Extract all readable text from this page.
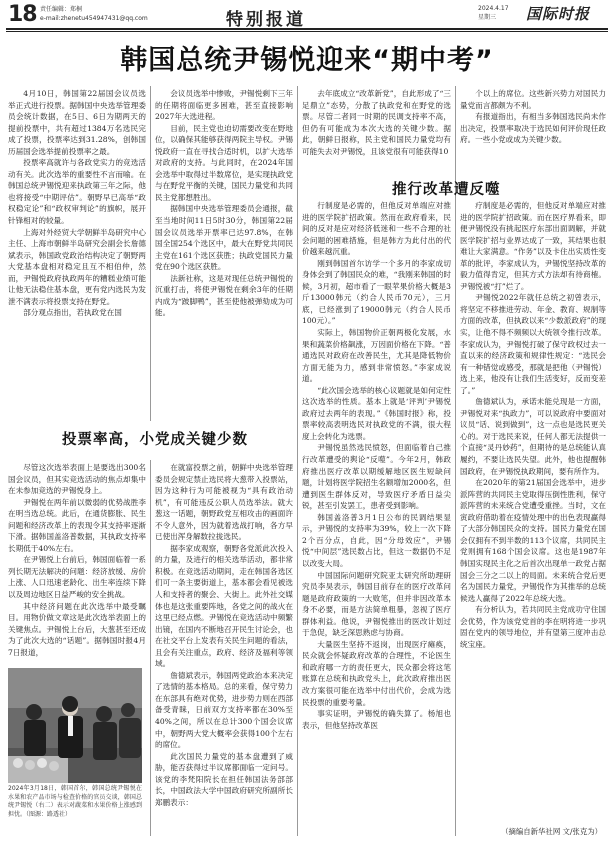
18 责任编辑：郑桐
e-mail:zhenetu454947431@qq.com	特别报道
2024.4.17
星期三	国际时报
韩国总统尹锡悦迎来“期中考”

4月10日，韩国第22届国会议员选举正式进行投票。据韩国中央选举管理委员会统计数据，在5日、6日为期两天的提前投票中，共有超过1384万名选民完成了投票，投票率达到31.28%，创韩国历届国会选举提前投票率之最。

投票率高就许与各政党实力的竞选活动有关。此次选举的重要性不言而喻。在韩国总统尹锡悦迎来执政第三年之际，他也将接受“中期评估”。朝野早已高举“政权稳定论”和“政权审判论”的旗帜，展开针锋相对的较量。

上海对外经贸大学朝鲜半岛研究中心主任、上海市朝鲜半岛研究会副会长詹德斌表示，韩国政党政治结构决定了朝野两大党基本盘相对稳定且互不相伯仲，然而，尹锡悦政府执政两年的糟糕业绩可能让他无法稳住基本盘，更有党内选民为发泄不满表示将投票支持在野党。

部分观点指出，若执政党在国

会议员选举中惨败，尹锡悦剩下三年的任期将面临更多困难，甚至直接影响2027年大选进程。

目前，民主党也迫切需要改变在野地位，以确保其能够获得两院主导权。尹锡悦政府一直在寻找合适时机，以扩大选举对政府的支持。与此同时，在2024年国会选举中取得过半数席位，是实现执政党与在野党平衡的关键，国民力量党和共同民主党都想胜出。

据韩国中央选举管理委员会通报，截至当地时间11日5时30分，韩国第22届国会议员选举开票率已达97.8%，在韩国全国254个选区中，最大在野党共同民主党在161个选区获胜；执政党国民力量党在90个选区获胜。

法新社称，这是对现任总统尹锡悦的沉重打击，将使尹锡悦在剩余3年的任期内成为“跛脚鸭”，甚至使他被弹劾成为可能。

去年底成立“改革新党”，自此形成了“三足鼎立”态势，分散了执政党和在野党的选票。尽管二者同一时期的民调支持率不高，但仍有可能成为本次大选的关键少数。据此，朝鲜日报称，民主党和国民力量党均有可能失去对尹锡悦，且该党很有可能获得10

个以上的席位。这些新兴势力对国民力量党而言都颇为不利。

有报道指出，有相当多韩国选民尚未作出决定，投票率取决于选民如何评价现任政府。一些小党或成为关键少数。

投票率高，小党成关键少数
推行改革遭反噬

尽管这次选举表面上是要选出300名国会议员，但其实竞选活动的焦点却集中在未参加竞选的尹锡悦身上。

尹锡悦在两年前以微弱的优势战胜李在明当选总统。此后，在通货膨胀、民生问题和经济改革上的表现令其支持率逐渐下滑。据韩国盖洛普数据，其执政支持率长期低于40%左右。

在尹锡悦上台前后，韩国面临着一系列长期无法解决的问题：经济放缓、房价上涨、人口迅速老龄化、出生率连续下降以及周边地区日益严峻的安全挑战。

其中经济问题在此次选举中最受瞩目。用物价做文章这是此次选举表面上的关键焦点。尹锡悦上台后，大葱甚至还成为了此次大选的“话题”。据韩国时报4月7日报道，

在就富投票之前，朝鲜中央选举管理委员会规定禁止选民将大葱带入投票站，因为这种行为可能被视为“具有政治动机”，有可能违反公职人员选举法。就大葱这一话题，朝野政党互相攻击的画面许不令人意外，因为就着选战打响，各方早已使出浑身解数拉拢选民。

据李家成观察，朝野各党派此次投入的力量，及进行的相关选举活动，都非常积极。在竞选活动期间，走在韩国各选区们可一条主要街道上，基本都会看见被选人和支持者的聚会、大街上。此外社交媒体也是这张重要阵地，各党之间的战火在这里已经点燃。尹锡悦在竞选活动中频繁出镜，在国内不断地召开民生讨论会，也在社交平台上发表有关民生问题的看法，且会有关注重点，政府、经济及福利等领域。

詹德斌表示，韩国两党政治本来决定了选情的基本格局。总的来看，保守势力在东部具有绝对优势，进步势力则在西部备受青睐，日前双方支持率都在30%至40%之间，所以在总计300个国会议席中，朝野两大党大概率会获得100个左右的席位。

此次国民力量党的基本盘遭到了威胁，能否获得过半议席都面临一定问号。该党的李梵阳院长在担任韩国法务部部长，中国政法大学中国政府研究所副所长郑鹏表示：

行制度是必需的，但他反对单端应对推进的医学院扩招政策。然而在政府看来，民间的反对是应对经济低迷和一些不合理的社会问题的困难措施，但是韩方为此付出的代价越来越沉重。

刚到韩国首尔访学一个多月的李家成切身体会到了韩国民众的难，“我刚来韩国的时候，3月初，超市看了一眼苹果价格大概是3斤13000韩元（约合人民币70元），三月底，已经涨到了19000韩元（约合人民币100元）。”

实际上，韩国物价正朝两极化发展，水果和蔬菜价格飙涨，万因面价格在下降。“普通选民对政府在改善民生，尤其是降低物价方面无能为力，感到非常愤怒。”李家成说道。

“此次国会选举的核心议题就是如何定性这次选举的性质。基本上就是‘评判’尹锡悦政府过去两年的表现。”《韩国时报》称，投票率较高表明选民对执政党的不满，很大程度上会转化为选票。

尹锡悦虽然选民愤怒，但面临着自己推行改革遭受的舆论“反噬”。今年2月，韩政府推出医疗改革以期缓解地区医生短缺问题，计划将医学院招生名额增加2000名，但遭到医生群体反对，导致医疗矛盾日益尖锐，甚至引发罢工，患者受到影响。

韩国盖洛普3月1日公布的民调结果显示，尹锡悦的支持率为39%，较上一次下降2个百分点，自此，因“分母效应”，尹锡悦“中间层”选民数占比，但这一数据仍不足以改变大局。

中国国际问题研究院亚太研究所助理研究员李昊表示，韩国目前存在的医疗改革问题是政府政策的一大败笔，但并非因改革本身不必要，而是方法简单粗暴，忽视了医疗群体利益。他说，尹锡悦推出的医改计划过于急促，缺乏深思熟虑与协商。

大量医生坚持不返岗，出现医疗瘫痪，民众就会怀疑政府改革的合理性，不论医生和政府哪一方的责任更大，民众都会将这笔账算在总统和执政党头上，此次政府推出医改方案很可能在选举中付出代价，会成为选民投票的重要考量。

事实证明，尹锡悦的确失算了。杨旭也表示，但他坚持改革医

疗制度是必需的，但他反对单端应对推进的医学院扩招政策。而在医疗界看来，即便尹锡悦没有挑起医疗东部出面调解，并就医学院扩招与业界达成了一致，其结果也很难让大家满意。“作务”以及卡住出实质性变革的批评，李家成认为，尹锡悦坚持改革的毅力值得肯定，但其方式方法却有待商榷。尹锡悦被“打”烂了。

尹锡悦2022年就任总统之初曾表示，将坚定不移推进劳动、年金、教育、规制等方面的改革，但执政以来“少数派政府”的现实，让他不得不频频以大统领令推行改革。李家成认为，尹锡悦打破了保守政权过去一直以来的经济政策和规律性规定：“选民会有一种错觉或感受，那就是把他（尹锡悦）选上来，他没有让我们生活变好，反而变差了。”

詹德斌认为，承诺未能兑现是一方面，尹锡悦对来“执政力”，可以说政府中要面对议员“话、说到做到”，这一点也是选民更关心的。对于选民来说，任何人都无法提供一个直接“灵丹妙药”，但期待的是总统能认真履约，不要让选民失望。此外，他也提醒韩国政府，在尹锡悦执政期间，要有所作为。

在2020年的第21届国会选举中，进步派阵营的共同民主党取得压倒性胜利，保守派阵营的未来统合党遭受重挫。当时，文在寅政府借助着在疫情处理中的出色表现赢得了大部分韩国民众的支持。国民力量党在国会仅拥有不到半数的113个议席，共同民主党则拥有168个国会议席。这也是1987年韩国实现民主化之后首次出现单一政党占据国会三分之二以上的局面。未来统合党后更名为国民力量党，尹锡悦作为其推举的总统候选人赢得了2022年总统大选。

有分析认为，若共同民主党成功守住国会优势，作为该党党首的李在明将进一步巩固在党内的领导地位，并有望第三度冲击总统宝座。

2024年3月18日，韩国首尔，韩国总统尹锡悦在水果和农产品市场与检查价格的官员交谈，韩国总统尹锡悦（右二）表示对蔬菜和水果价格上涨感到担忧。（图源：路透社）
（摘编自新华社网 文/张克为）
